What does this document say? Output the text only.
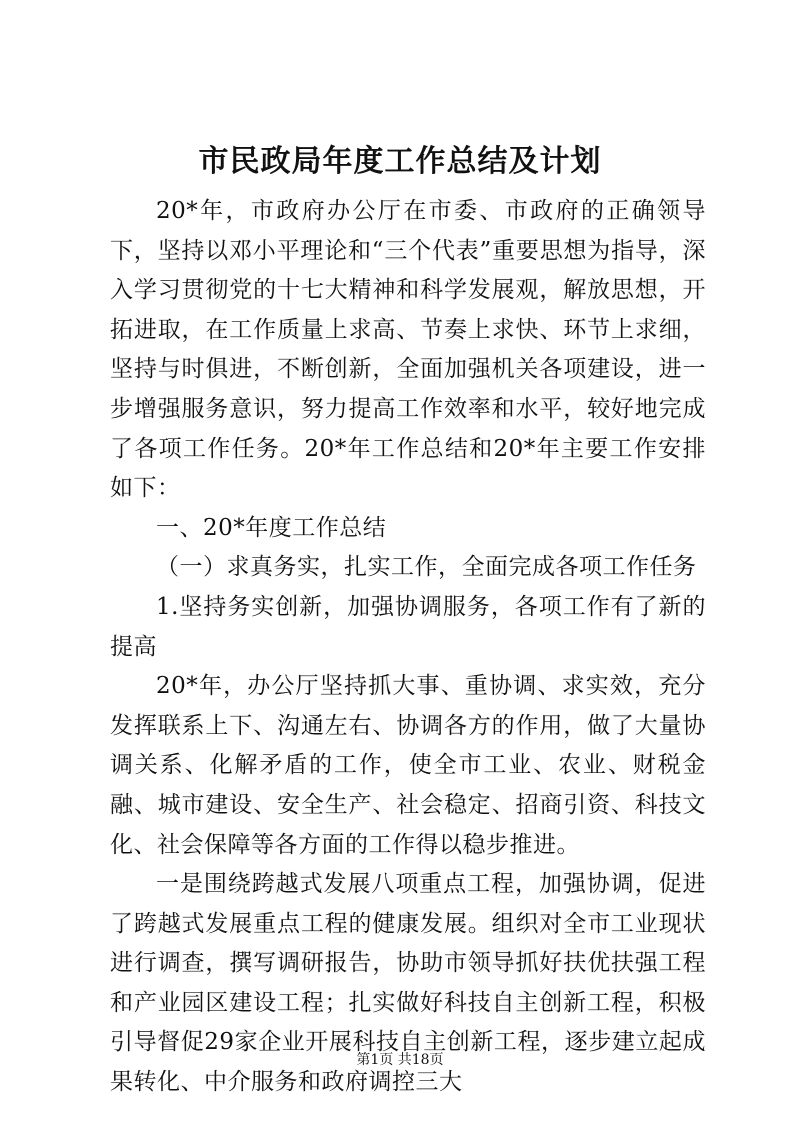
市民政局年度工作总结及计划

20*年，市政府办公厅在市委、市政府的正确领导下，坚持以邓小平理论和“三个代表”重要思想为指导，深入学习贯彻党的十七大精神和科学发展观，解放思想，开拓进取，在工作质量上求高、节奏上求快、环节上求细，坚持与时俱进，不断创新，全面加强机关各项建设，进一步增强服务意识，努力提高工作效率和水平，较好地完成了各项工作任务。20*年工作总结和20*年主要工作安排如下：

一、20*年度工作总结

（一）求真务实，扎实工作，全面完成各项工作任务

1.坚持务实创新，加强协调服务，各项工作有了新的提高

20*年，办公厅坚持抓大事、重协调、求实效，充分发挥联系上下、沟通左右、协调各方的作用，做了大量协调关系、化解矛盾的工作，使全市工业、农业、财税金融、城市建设、安全生产、社会稳定、招商引资、科技文化、社会保障等各方面的工作得以稳步推进。

一是围绕跨越式发展八项重点工程，加强协调，促进了跨越式发展重点工程的健康发展。组织对全市工业现状进行调查，撰写调研报告，协助市领导抓好扶优扶强工程和产业园区建设工程；扎实做好科技自主创新工程，积极引导督促29家企业开展科技自主创新工程，逐步建立起成果转化、中介服务和政府调控三大

第1页 共18页
